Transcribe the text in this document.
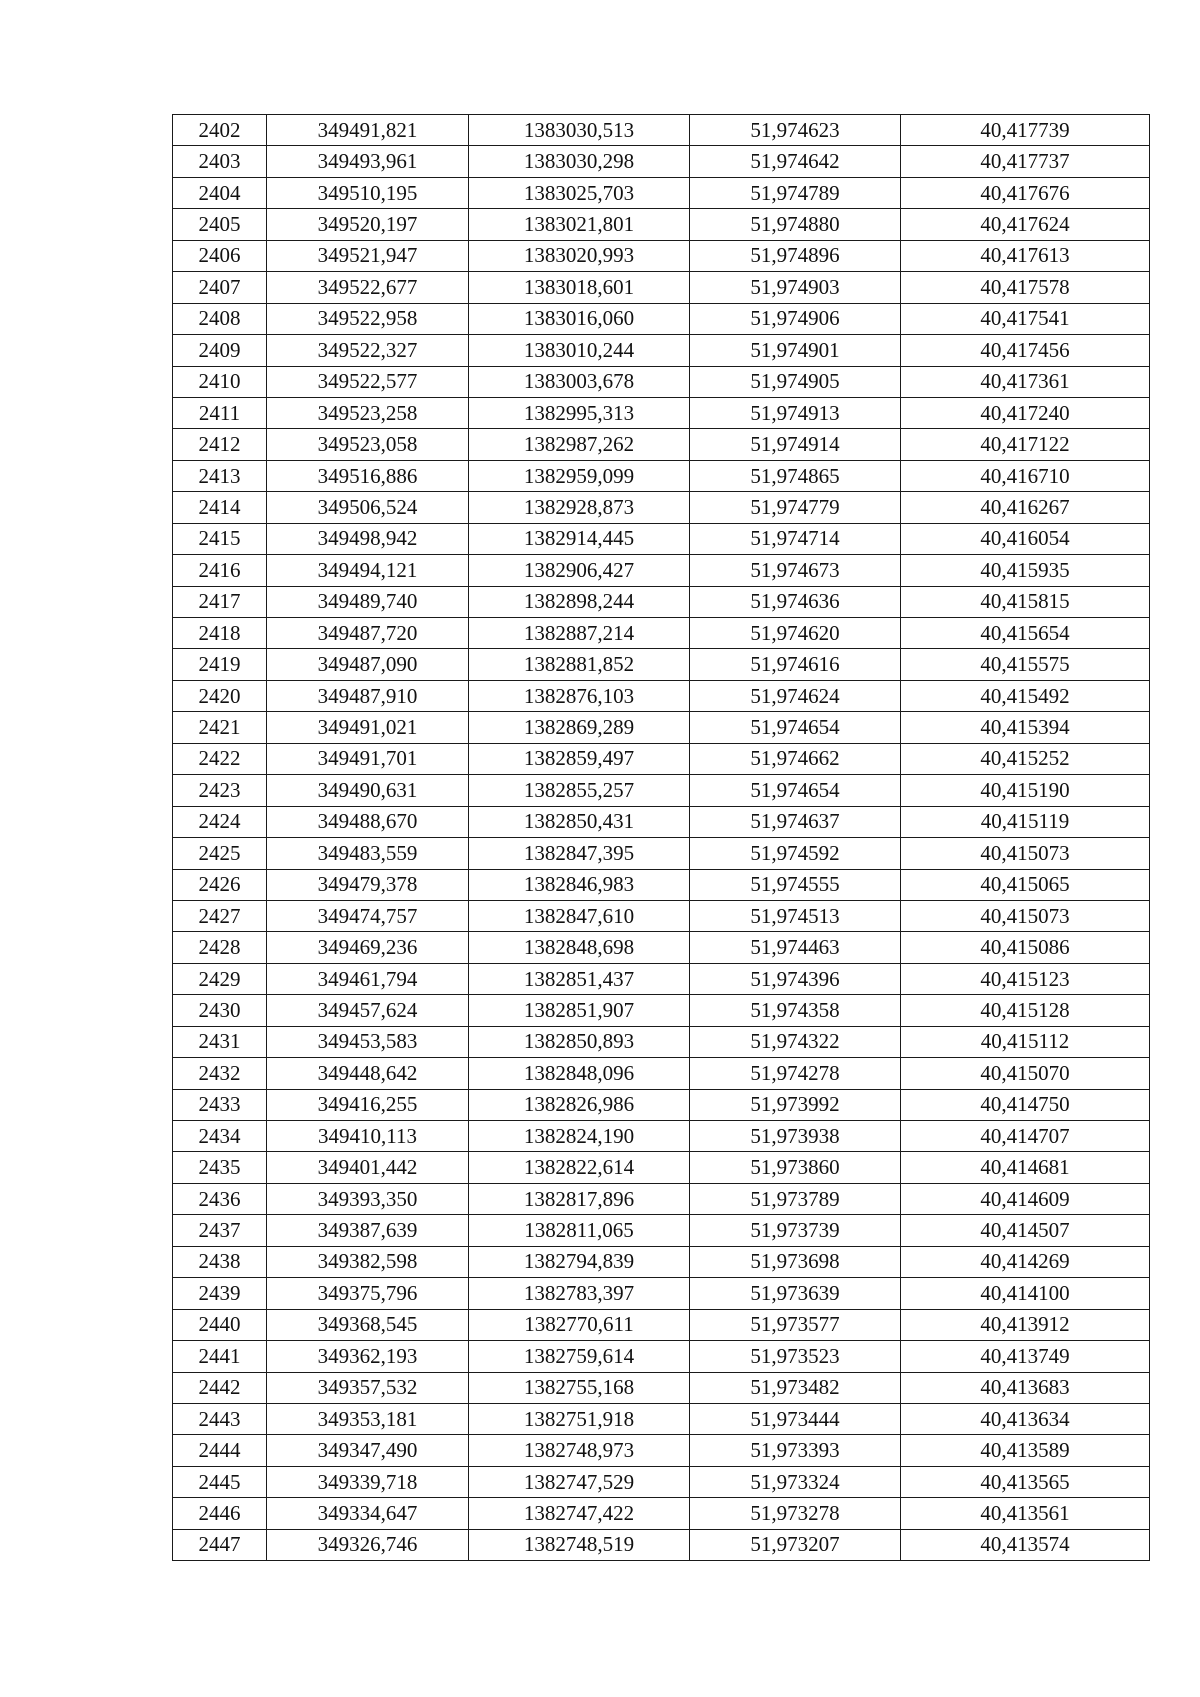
2402	349491,821	1383030,513	51,974623	40,417739
2403	349493,961	1383030,298	51,974642	40,417737
2404	349510,195	1383025,703	51,974789	40,417676
2405	349520,197	1383021,801	51,974880	40,417624
2406	349521,947	1383020,993	51,974896	40,417613
2407	349522,677	1383018,601	51,974903	40,417578
2408	349522,958	1383016,060	51,974906	40,417541
2409	349522,327	1383010,244	51,974901	40,417456
2410	349522,577	1383003,678	51,974905	40,417361
2411	349523,258	1382995,313	51,974913	40,417240
2412	349523,058	1382987,262	51,974914	40,417122
2413	349516,886	1382959,099	51,974865	40,416710
2414	349506,524	1382928,873	51,974779	40,416267
2415	349498,942	1382914,445	51,974714	40,416054
2416	349494,121	1382906,427	51,974673	40,415935
2417	349489,740	1382898,244	51,974636	40,415815
2418	349487,720	1382887,214	51,974620	40,415654
2419	349487,090	1382881,852	51,974616	40,415575
2420	349487,910	1382876,103	51,974624	40,415492
2421	349491,021	1382869,289	51,974654	40,415394
2422	349491,701	1382859,497	51,974662	40,415252
2423	349490,631	1382855,257	51,974654	40,415190
2424	349488,670	1382850,431	51,974637	40,415119
2425	349483,559	1382847,395	51,974592	40,415073
2426	349479,378	1382846,983	51,974555	40,415065
2427	349474,757	1382847,610	51,974513	40,415073
2428	349469,236	1382848,698	51,974463	40,415086
2429	349461,794	1382851,437	51,974396	40,415123
2430	349457,624	1382851,907	51,974358	40,415128
2431	349453,583	1382850,893	51,974322	40,415112
2432	349448,642	1382848,096	51,974278	40,415070
2433	349416,255	1382826,986	51,973992	40,414750
2434	349410,113	1382824,190	51,973938	40,414707
2435	349401,442	1382822,614	51,973860	40,414681
2436	349393,350	1382817,896	51,973789	40,414609
2437	349387,639	1382811,065	51,973739	40,414507
2438	349382,598	1382794,839	51,973698	40,414269
2439	349375,796	1382783,397	51,973639	40,414100
2440	349368,545	1382770,611	51,973577	40,413912
2441	349362,193	1382759,614	51,973523	40,413749
2442	349357,532	1382755,168	51,973482	40,413683
2443	349353,181	1382751,918	51,973444	40,413634
2444	349347,490	1382748,973	51,973393	40,413589
2445	349339,718	1382747,529	51,973324	40,413565
2446	349334,647	1382747,422	51,973278	40,413561
2447	349326,746	1382748,519	51,973207	40,413574
